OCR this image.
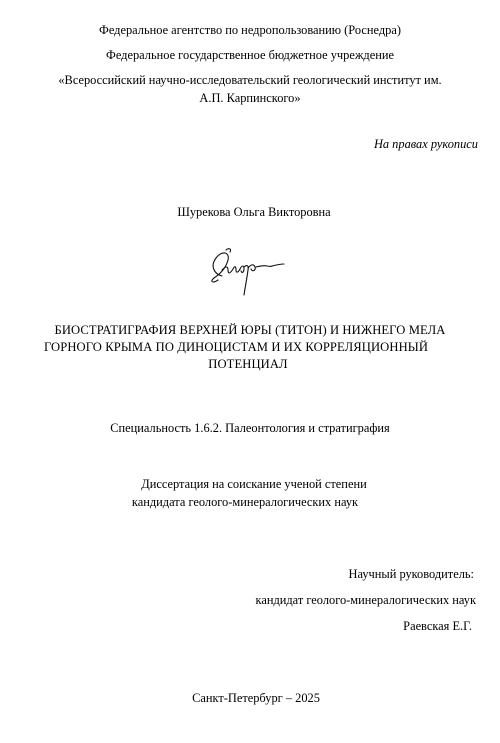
Федеральное агентство по недропользованию (Роснедра)
Федеральное государственное бюджетное учреждение
«Всероссийский научно-исследовательский геологический институт им.
А.П. Карпинского»
На правах рукописи
Шурекова Ольга Викторовна
БИОСТРАТИГРАФИЯ ВЕРХНЕЙ ЮРЫ (ТИТОН) И НИЖНЕГО МЕЛА
ГОРНОГО КРЫМА ПО ДИНОЦИСТАМ И ИХ КОРРЕЛЯЦИОННЫЙ
ПОТЕНЦИАЛ
Специальность 1.6.2. Палеонтология и стратиграфия
Диссертация на соискание ученой степени
кандидата геолого-минералогических наук
Научный руководитель:
кандидат геолого-минералогических наук
Раевская Е.Г.
Санкт-Петербург – 2025
